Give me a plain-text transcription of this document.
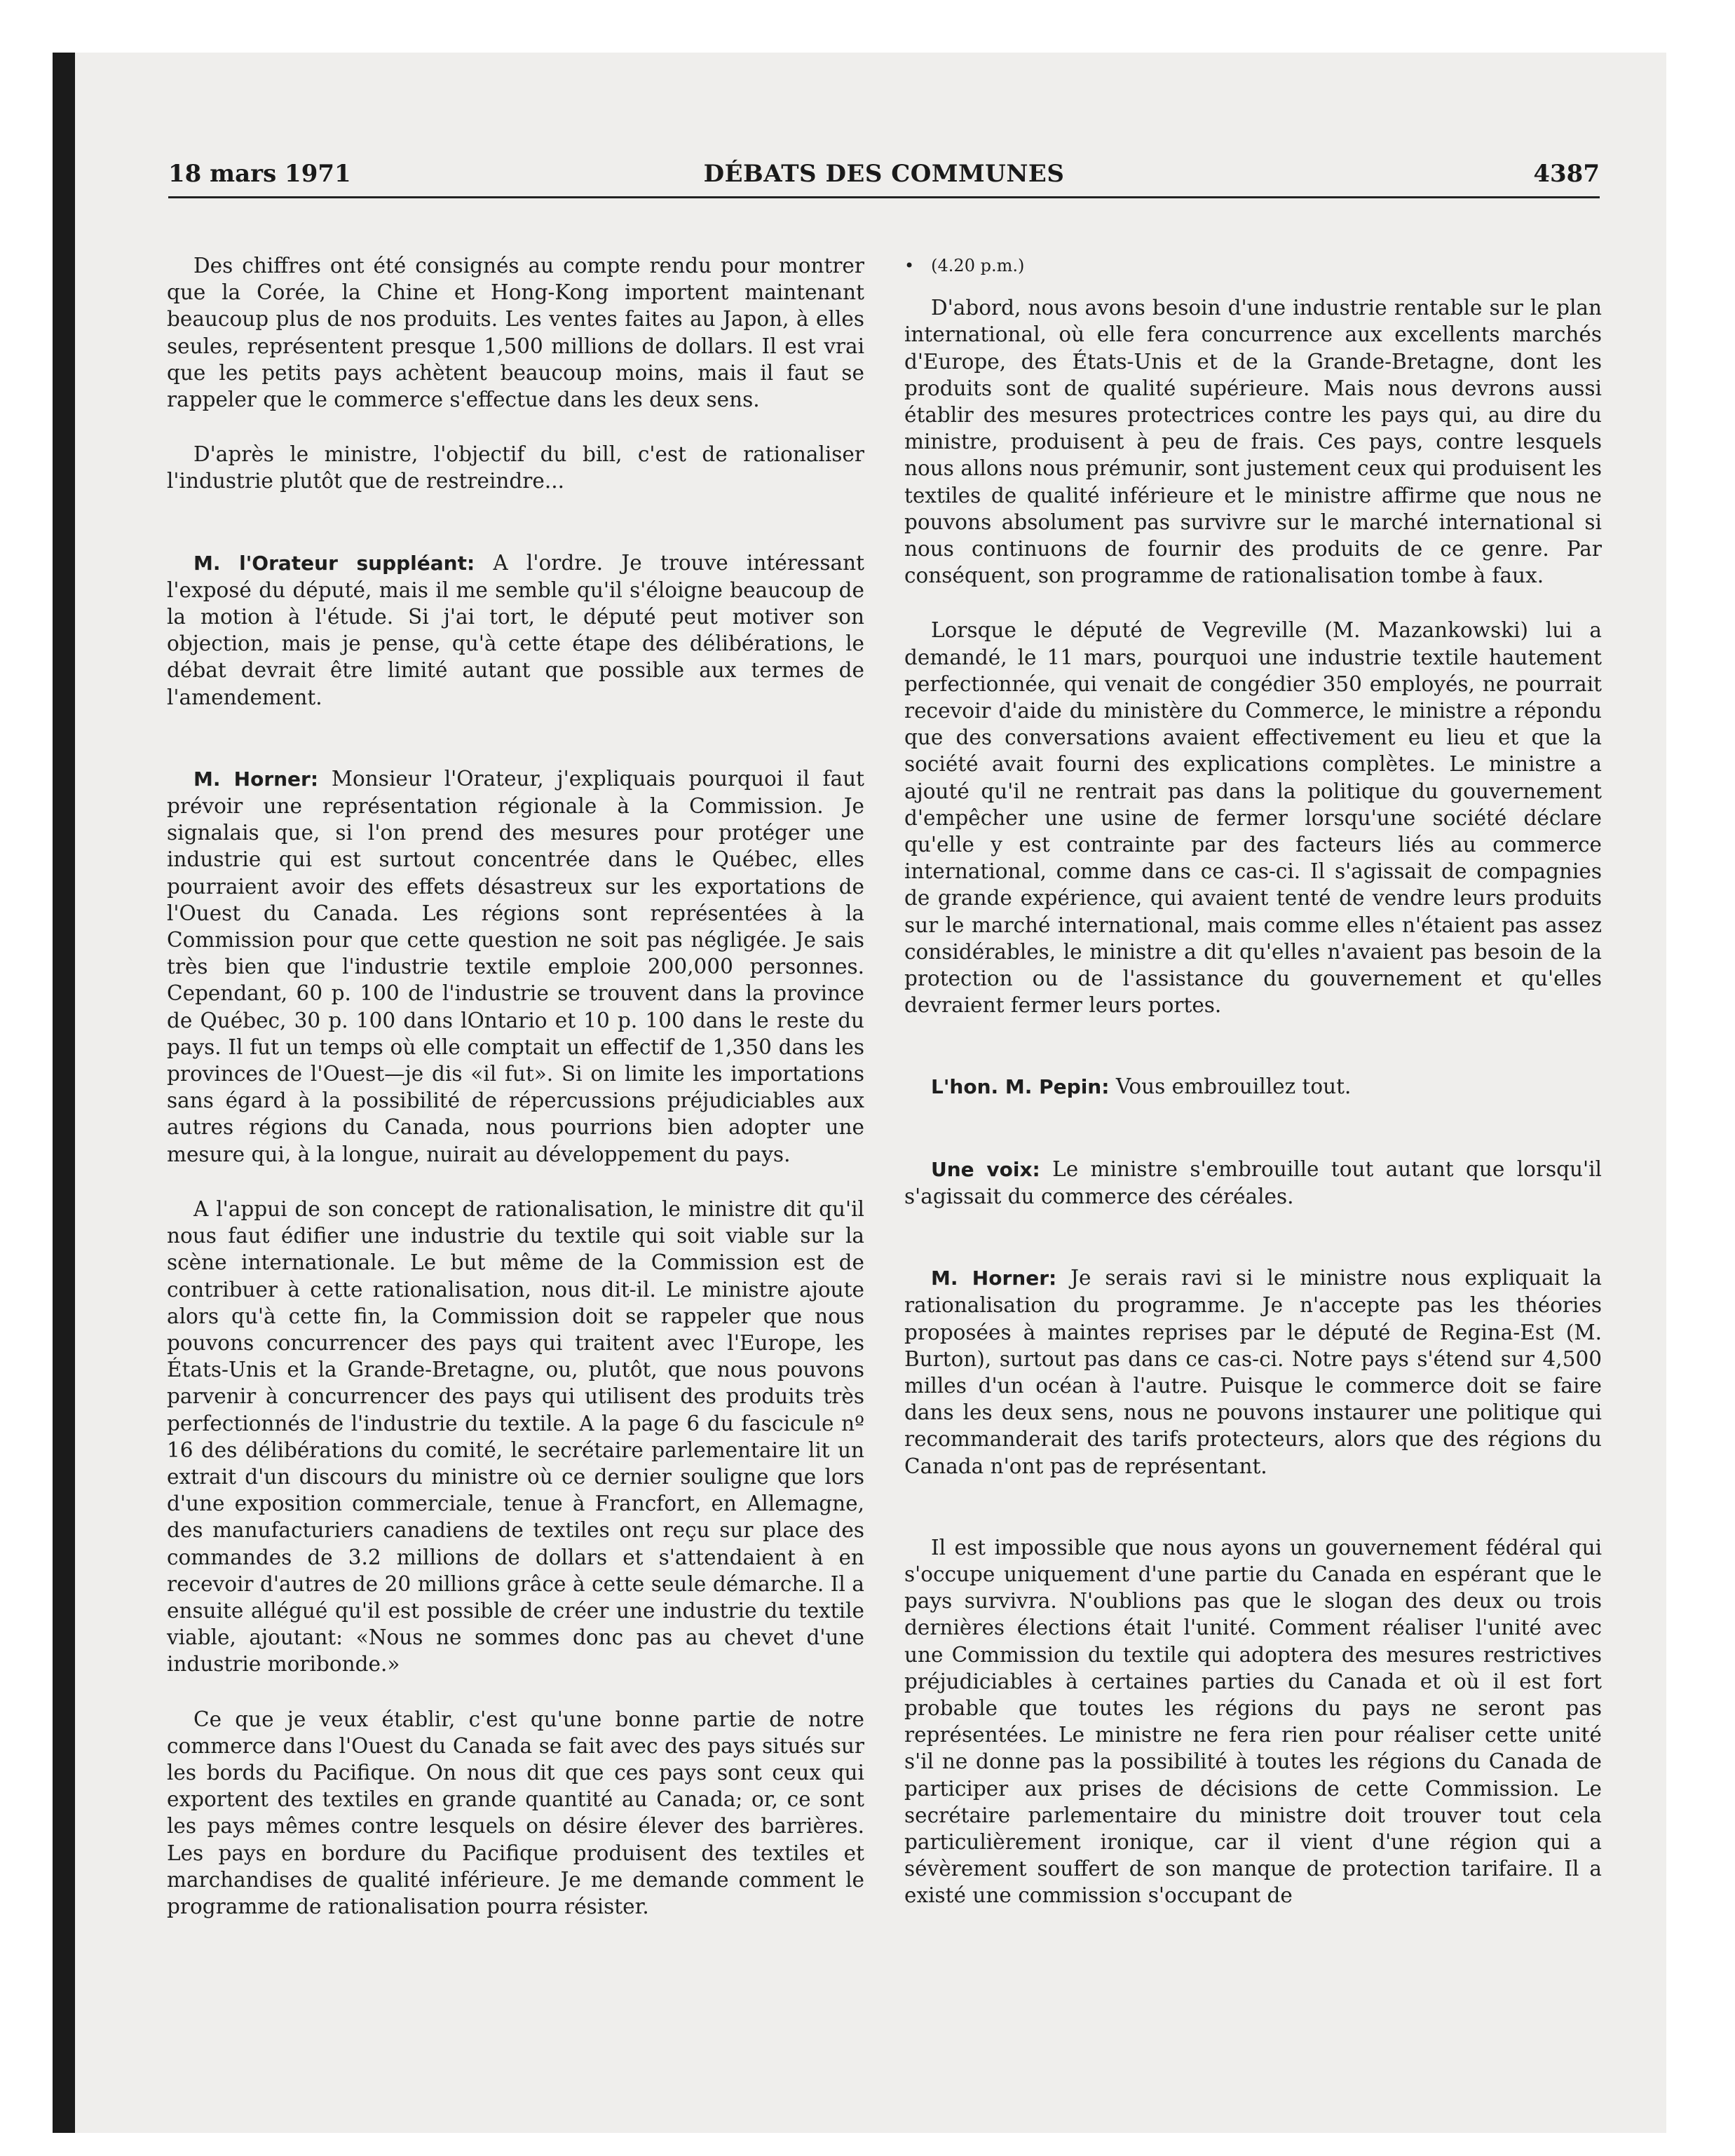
18 mars 1971	DÉBATS DES COMMUNES	4387

Des chiffres ont été consignés au compte rendu pour montrer que la Corée, la Chine et Hong-Kong importent maintenant beaucoup plus de nos produits. Les ventes faites au Japon, à elles seules, représentent presque 1,500 millions de dollars. Il est vrai que les petits pays achètent beaucoup moins, mais il faut se rappeler que le commerce s'effectue dans les deux sens.

D'après le ministre, l'objectif du bill, c'est de rationaliser l'industrie plutôt que de restreindre...

M. l'Orateur suppléant: A l'ordre. Je trouve intéressant l'exposé du député, mais il me semble qu'il s'éloigne beaucoup de la motion à l'étude. Si j'ai tort, le député peut motiver son objection, mais je pense, qu'à cette étape des délibérations, le débat devrait être limité autant que possible aux termes de l'amendement.

M. Horner: Monsieur l'Orateur, j'expliquais pourquoi il faut prévoir une représentation régionale à la Commission. Je signalais que, si l'on prend des mesures pour protéger une industrie qui est surtout concentrée dans le Québec, elles pourraient avoir des effets désastreux sur les exportations de l'Ouest du Canada. Les régions sont représentées à la Commission pour que cette question ne soit pas négligée. Je sais très bien que l'industrie textile emploie 200,000 personnes. Cependant, 60 p. 100 de l'industrie se trouvent dans la province de Québec, 30 p. 100 dans lOntario et 10 p. 100 dans le reste du pays. Il fut un temps où elle comptait un effectif de 1,350 dans les provinces de l'Ouest—je dis «il fut». Si on limite les importations sans égard à la possibilité de répercussions préjudiciables aux autres régions du Canada, nous pourrions bien adopter une mesure qui, à la longue, nuirait au développement du pays.

A l'appui de son concept de rationalisation, le ministre dit qu'il nous faut édifier une industrie du textile qui soit viable sur la scène internationale. Le but même de la Commission est de contribuer à cette rationalisation, nous dit-il. Le ministre ajoute alors qu'à cette fin, la Commission doit se rappeler que nous pouvons concurrencer des pays qui traitent avec l'Europe, les États-Unis et la Grande-Bretagne, ou, plutôt, que nous pouvons parvenir à concurrencer des pays qui utilisent des produits très perfectionnés de l'industrie du textile. A la page 6 du fascicule nº 16 des délibérations du comité, le secrétaire parlementaire lit un extrait d'un discours du ministre où ce dernier souligne que lors d'une exposition commerciale, tenue à Francfort, en Allemagne, des manufacturiers canadiens de textiles ont reçu sur place des commandes de 3.2 millions de dollars et s'attendaient à en recevoir d'autres de 20 millions grâce à cette seule démarche. Il a ensuite allégué qu'il est possible de créer une industrie du textile viable, ajoutant: «Nous ne sommes donc pas au chevet d'une industrie moribonde.»

Ce que je veux établir, c'est qu'une bonne partie de notre commerce dans l'Ouest du Canada se fait avec des pays situés sur les bords du Pacifique. On nous dit que ces pays sont ceux qui exportent des textiles en grande quantité au Canada; or, ce sont les pays mêmes contre lesquels on désire élever des barrières. Les pays en bordure du Pacifique produisent des textiles et marchandises de qualité inférieure. Je me demande comment le programme de rationalisation pourra résister.

• (4.20 p.m.)

D'abord, nous avons besoin d'une industrie rentable sur le plan international, où elle fera concurrence aux excellents marchés d'Europe, des États-Unis et de la Grande-Bretagne, dont les produits sont de qualité supérieure. Mais nous devrons aussi établir des mesures protectrices contre les pays qui, au dire du ministre, produisent à peu de frais. Ces pays, contre lesquels nous allons nous prémunir, sont justement ceux qui produisent les textiles de qualité inférieure et le ministre affirme que nous ne pouvons absolument pas survivre sur le marché international si nous continuons de fournir des produits de ce genre. Par conséquent, son programme de rationalisation tombe à faux.

Lorsque le député de Vegreville (M. Mazankowski) lui a demandé, le 11 mars, pourquoi une industrie textile hautement perfectionnée, qui venait de congédier 350 employés, ne pourrait recevoir d'aide du ministère du Commerce, le ministre a répondu que des conversations avaient effectivement eu lieu et que la société avait fourni des explications complètes. Le ministre a ajouté qu'il ne rentrait pas dans la politique du gouvernement d'empêcher une usine de fermer lorsqu'une société déclare qu'elle y est contrainte par des facteurs liés au commerce international, comme dans ce cas-ci. Il s'agissait de compagnies de grande expérience, qui avaient tenté de vendre leurs produits sur le marché international, mais comme elles n'étaient pas assez considérables, le ministre a dit qu'elles n'avaient pas besoin de la protection ou de l'assistance du gouvernement et qu'elles devraient fermer leurs portes.

L'hon. M. Pepin: Vous embrouillez tout.

Une voix: Le ministre s'embrouille tout autant que lorsqu'il s'agissait du commerce des céréales.

M. Horner: Je serais ravi si le ministre nous expliquait la rationalisation du programme. Je n'accepte pas les théories proposées à maintes reprises par le député de Regina-Est (M. Burton), surtout pas dans ce cas-ci. Notre pays s'étend sur 4,500 milles d'un océan à l'autre. Puisque le commerce doit se faire dans les deux sens, nous ne pouvons instaurer une politique qui recommanderait des tarifs protecteurs, alors que des régions du Canada n'ont pas de représentant.

Il est impossible que nous ayons un gouvernement fédéral qui s'occupe uniquement d'une partie du Canada en espérant que le pays survivra. N'oublions pas que le slogan des deux ou trois dernières élections était l'unité. Comment réaliser l'unité avec une Commission du textile qui adoptera des mesures restrictives préjudiciables à certaines parties du Canada et où il est fort probable que toutes les régions du pays ne seront pas représentées. Le ministre ne fera rien pour réaliser cette unité s'il ne donne pas la possibilité à toutes les régions du Canada de participer aux prises de décisions de cette Commission. Le secrétaire parlementaire du ministre doit trouver tout cela particulièrement ironique, car il vient d'une région qui a sévèrement souffert de son manque de protection tarifaire. Il a existé une commission s'occupant de
